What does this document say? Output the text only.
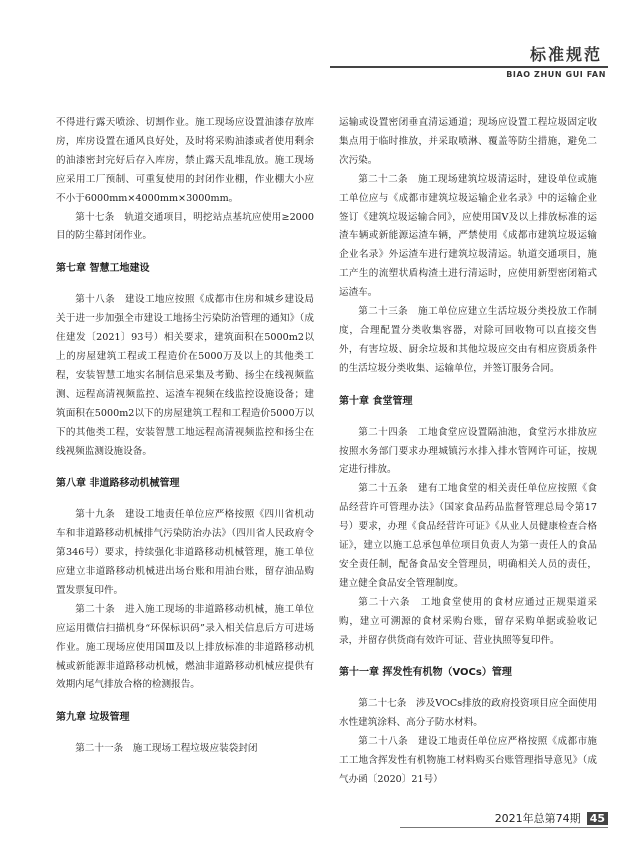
标准规范
BIAO ZHUN GUI FAN

不得进行露天喷涂、切割作业。施工现场应设置油漆存放库房，库房设置在通风良好处，及时将采购油漆或者使用剩余的油漆密封完好后存入库房，禁止露天乱堆乱放。施工现场应采用工厂预制、可重复使用的封闭作业棚，作业棚大小应不小于6000mm×4000mm×3000mm。

第十七条　轨道交通项目，明挖站点基坑应使用≥2000目的防尘幕封闭作业。

第七章 智慧工地建设

第十八条　建设工地应按照《成都市住房和城乡建设局关于进一步加强全市建设工地扬尘污染防治管理的通知》（成住建发〔2021〕93号）相关要求，建筑面积在5000m2以上的房屋建筑工程或工程造价在5000万及以上的其他类工程，安装智慧工地实名制信息采集及考勤、扬尘在线视频监测、远程高清视频监控、运渣车视频在线监控设施设备；建筑面积在5000m2以下的房屋建筑工程和工程造价5000万以下的其他类工程，安装智慧工地远程高清视频监控和扬尘在线视频监测设施设备。

第八章 非道路移动机械管理

第十九条　建设工地责任单位应严格按照《四川省机动车和非道路移动机械排气污染防治办法》（四川省人民政府令第346号）要求，持续强化非道路移动机械管理，施工单位应建立非道路移动机械进出场台账和用油台账，留存油品购置发票复印件。

第二十条　进入施工现场的非道路移动机械，施工单位应运用微信扫描机身“环保标识码”录入相关信息后方可进场作业。施工现场应使用国Ⅲ及以上排放标准的非道路移动机械或新能源非道路移动机械，燃油非道路移动机械应提供有效期内尾气排放合格的检测报告。

第九章 垃圾管理

第二十一条　施工现场工程垃圾应装袋封闭

运输或设置密闭垂直清运通道；现场应设置工程垃圾固定收集点用于临时推放，并采取喷淋、覆盖等防尘措施，避免二次污染。

第二十二条　施工现场建筑垃圾清运时，建设单位或施工单位应与《成都市建筑垃圾运输企业名录》中的运输企业签订《建筑垃圾运输合同》，应使用国Ⅴ及以上排放标准的运渣车辆或新能源运渣车辆，严禁使用《成都市建筑垃圾运输企业名录》外运渣车进行建筑垃圾清运。轨道交通项目，施工产生的流塑状盾构渣土进行清运时，应使用新型密闭箱式运渣车。

第二十三条　施工单位应建立生活垃圾分类投放工作制度，合理配置分类收集容器，对除可回收物可以直接交售外，有害垃圾、厨余垃圾和其他垃圾应交由有相应资质条件的生活垃圾分类收集、运输单位，并签订服务合同。

第十章 食堂管理

第二十四条　工地食堂应设置隔油池，食堂污水排放应按照水务部门要求办理城镇污水排入排水管网许可证，按规定进行排放。

第二十五条　建有工地食堂的相关责任单位应按照《食品经营许可管理办法》（国家食品药品监督管理总局令第17号）要求，办理《食品经营许可证》《从业人员健康检查合格证》，建立以施工总承包单位项目负责人为第一责任人的食品安全责任制，配备食品安全管理员，明确相关人员的责任，建立健全食品安全管理制度。

第二十六条　工地食堂使用的食材应通过正规渠道采购，建立可溯源的食材采购台账，留存采购单据或验收记录，并留存供货商有效许可证、营业执照等复印件。

第十一章 挥发性有机物（VOCs）管理

第二十七条　涉及VOCs排放的政府投资项目应全面使用水性建筑涂料、高分子防水材料。

第二十八条　建设工地责任单位应严格按照《成都市施工工地含挥发性有机物施工材料购买台账管理指导意见》（成气办函〔2020〕21号）

2021年总第74期 45
